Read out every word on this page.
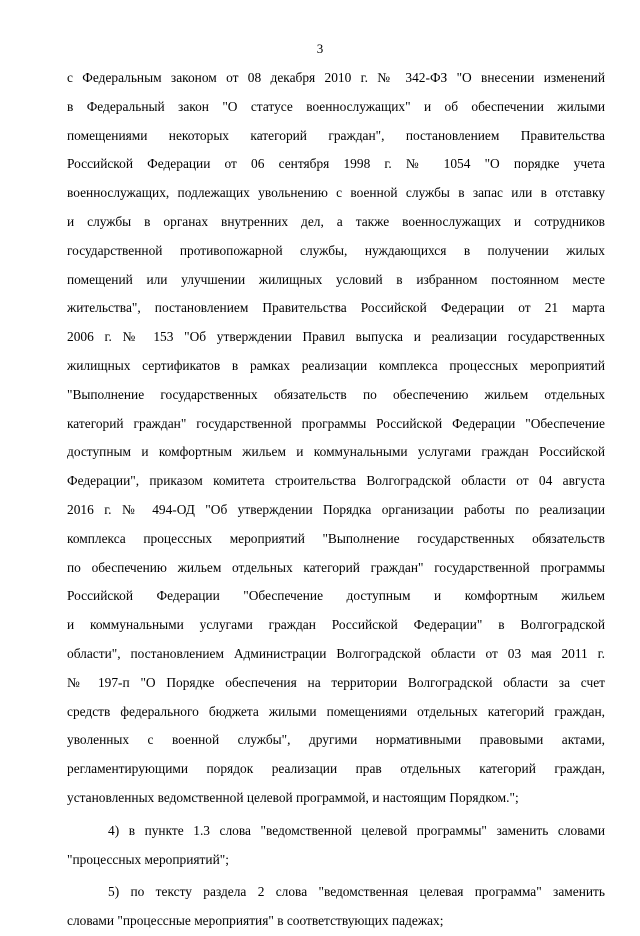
3
с Федеральным законом от 08 декабря 2010 г. № 342-ФЗ "О внесении изменений
в Федеральный закон "О статусе военнослужащих" и об обеспечении жилыми
помещениями некоторых категорий граждан", постановлением Правительства
Российской Федерации от 06 сентября 1998 г. № 1054 "О порядке учета
военнослужащих, подлежащих увольнению с военной службы в запас или в отставку
и службы в органах внутренних дел, а также военнослужащих и сотрудников
государственной противопожарной службы, нуждающихся в получении жилых
помещений или улучшении жилищных условий в избранном постоянном месте
жительства", постановлением Правительства Российской Федерации от 21 марта
2006 г. № 153 "Об утверждении Правил выпуска и реализации государственных
жилищных сертификатов в рамках реализации комплекса процессных мероприятий
"Выполнение государственных обязательств по обеспечению жильем отдельных
категорий граждан" государственной программы Российской Федерации "Обеспечение
доступным и комфортным жильем и коммунальными услугами граждан Российской
Федерации", приказом комитета строительства Волгоградской области от 04 августа
2016 г. № 494-ОД "Об утверждении Порядка организации работы по реализации
комплекса процессных мероприятий "Выполнение государственных обязательств
по обеспечению жильем отдельных категорий граждан" государственной программы
Российской Федерации "Обеспечение доступным и комфортным жильем
и коммунальными услугами граждан Российской Федерации" в Волгоградской
области", постановлением Администрации Волгоградской области от 03 мая 2011 г.
№ 197-п "О Порядке обеспечения на территории Волгоградской области за счет
средств федерального бюджета жилыми помещениями отдельных категорий граждан,
уволенных с военной службы", другими нормативными правовыми актами,
регламентирующими порядок реализации прав отдельных категорий граждан,
установленных ведомственной целевой программой, и настоящим Порядком.";
4) в пункте 1.3 слова "ведомственной целевой программы" заменить словами
"процессных мероприятий";
5) по тексту раздела 2 слова "ведомственная целевая программа" заменить
словами "процессные мероприятия" в соответствующих падежах;
